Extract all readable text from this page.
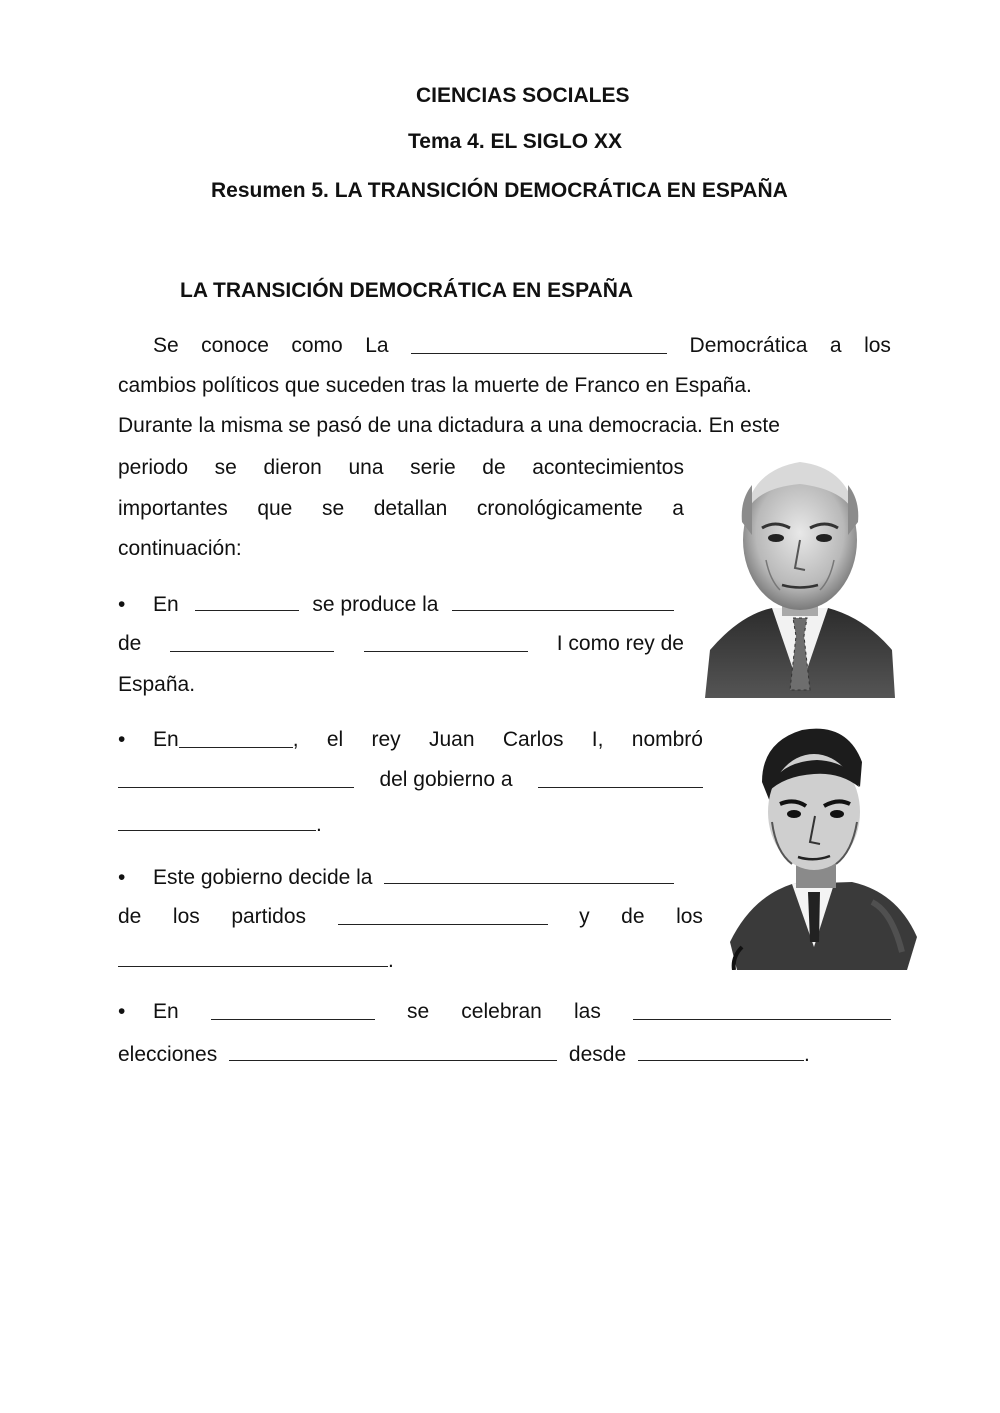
CIENCIAS SOCIALES
Tema 4. EL SIGLO XX
Resumen 5. LA TRANSICIÓN DEMOCRÁTICA EN ESPAÑA
LA TRANSICIÓN DEMOCRÁTICA EN ESPAÑA
Se conoce como La	Democrática a los
cambios políticos que suceden tras la muerte de Franco en España.
Durante la misma se pasó de una dictadura a una democracia. En este
periodo se dieron una serie de acontecimientos
importantes que se detallan cronológicamente a
continuación:
• En	se produce la
de	I como rey de
España.
• En	, el rey Juan Carlos I, nombró
del gobierno a
.
• Este gobierno decide la
de los partidos	y de los
.
• En	se celebran las
elecciones	desde	.
